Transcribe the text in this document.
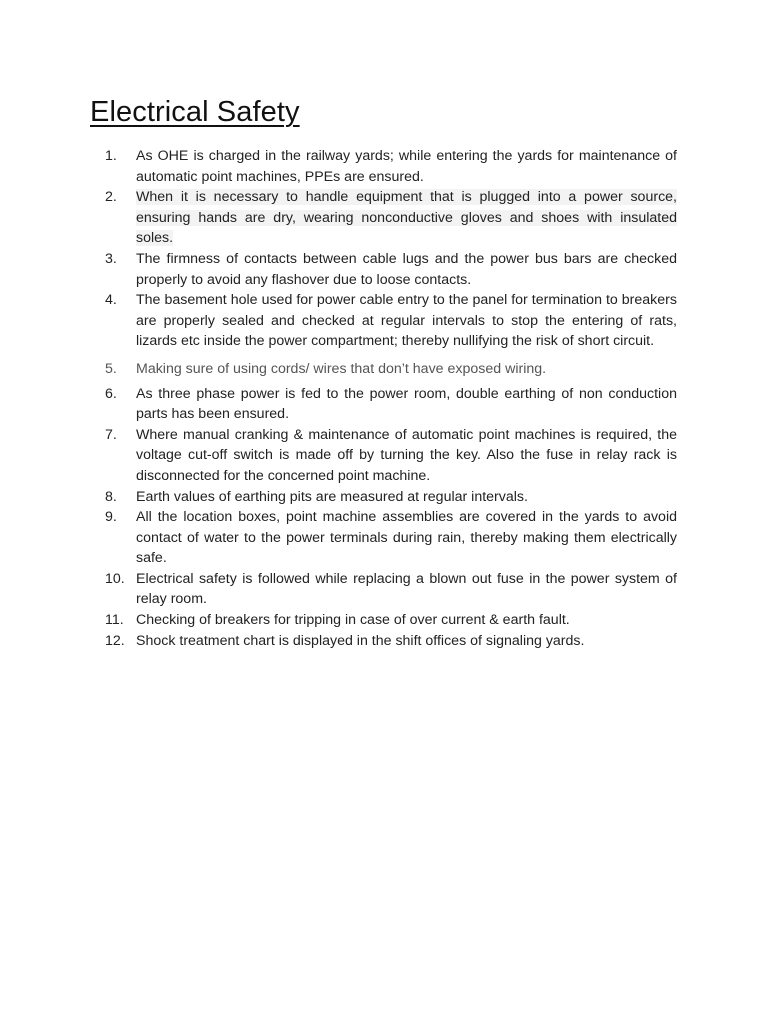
Electrical Safety
1.	As OHE is charged in the railway yards; while entering the yards for maintenance of automatic point machines, PPEs are ensured.
2.	When it is necessary to handle equipment that is plugged into a power source, ensuring hands are dry, wearing nonconductive gloves and shoes with insulated soles.
3.	The firmness of contacts between cable lugs and the power bus bars are checked properly to avoid any flashover due to loose contacts.
4.	The basement hole used for power cable entry to the panel for termination to breakers are properly sealed and checked at regular intervals to stop the entering of rats, lizards etc inside the power compartment; thereby nullifying the risk of short circuit.
5.	Making sure of using cords/ wires that don’t have exposed wiring.
6.	As three phase power is fed to the power room, double earthing of non conduction parts has been ensured.
7.	Where manual cranking & maintenance of automatic point machines is required, the voltage cut-off switch is made off by turning the key. Also the fuse in relay rack is disconnected for the concerned point machine.
8.	Earth values of earthing pits are measured at regular intervals.
9.	All the location boxes, point machine assemblies are covered in the yards to avoid contact of water to the power terminals during rain, thereby making them electrically safe.
10. Electrical safety is followed while replacing a blown out fuse in the power system of relay room.
11. Checking of breakers for tripping in case of over current & earth fault.
12. Shock treatment chart is displayed in the shift offices of signaling yards.
